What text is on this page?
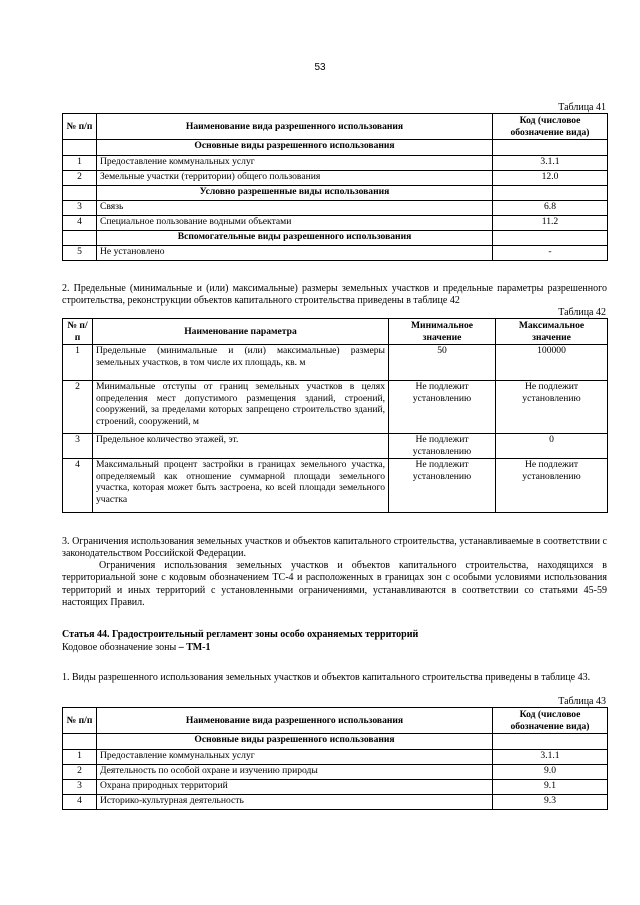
53
Таблица 41
№ п/п	Наименование вида разрешенного использования	Код (числовое обозначение вида)
	Основные виды разрешенного использования	
1	Предоставление коммунальных услуг	3.1.1
2	Земельные участки (территории) общего пользования	12.0
	Условно разрешенные виды использования	
3	Связь	6.8
4	Специальное пользование водными объектами	11.2
	Вспомогательные виды разрешенного использования	
5	Не установлено	-

2. Предельные (минимальные и (или) максимальные) размеры земельных участков и предельные параметры разрешенного строительства, реконструкции объектов капитального строительства приведены в таблице 42

Таблица 42
№ п/п	Наименование параметра	Минимальное значение	Максимальное значение
1	Предельные (минимальные и (или) максимальные) размеры земельных участков, в том числе их площадь, кв. м	50	100000
2	Минимальные отступы от границ земельных участков в целях определения мест допустимого размещения зданий, строений, сооружений, за пределами которых запрещено строительство зданий, строений, сооружений, м	Не подлежит установлению	Не подлежит установлению
3	Предельное количество этажей, эт.	Не подлежит установлению	0
4	Максимальный процент застройки в границах земельного участка, определяемый как отношение суммарной площади земельного участка, которая может быть застроена, ко всей площади земельного участка	Не подлежит установлению	Не подлежит установлению

3. Ограничения использования земельных участков и объектов капитального строительства, устанавливаемые в соответствии с законодательством Российской Федерации.

Ограничения использования земельных участков и объектов капитального строительства, находящихся в территориальной зоне с кодовым обозначением ТС-4 и расположенных в границах зон с особыми условиями использования территорий и иных территорий с установленными ограничениями, устанавливаются в соответствии со статьями 45-59 настоящих Правил.

Статья 44. Градостроительный регламент зоны особо охраняемых территорий

Кодовое обозначение зоны – ТМ-1

1. Виды разрешенного использования земельных участков и объектов капитального строительства приведены в таблице 43.

Таблица 43
№ п/п	Наименование вида разрешенного использования	Код (числовое обозначение вида)
	Основные виды разрешенного использования	
1	Предоставление коммунальных услуг	3.1.1
2	Деятельность по особой охране и изучению природы	9.0
3	Охрана природных территорий	9.1
4	Историко-культурная деятельность	9.3
